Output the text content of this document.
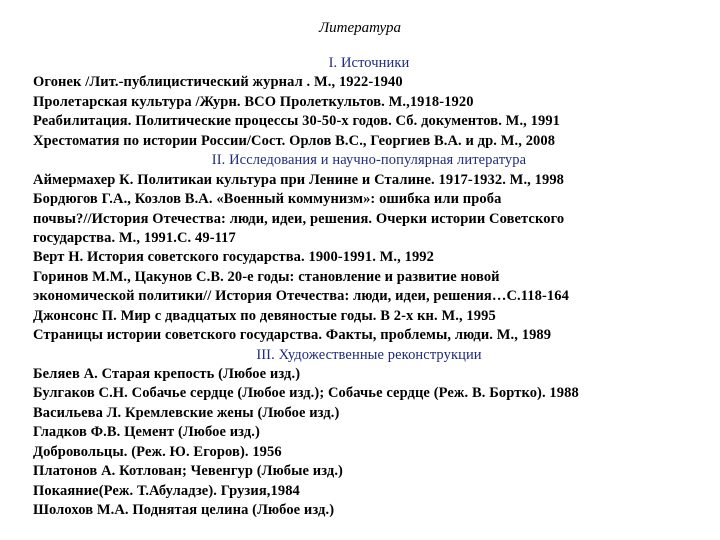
Литература
I. Источники
Огонек /Лит.-публицистический журнал . М., 1922-1940
Пролетарская культура /Журн. ВСО Пролеткультов. М.,1918-1920
Реабилитация. Политические процессы 30-50-х годов. Сб. документов. М., 1991
Хрестоматия по истории России/Сост. Орлов В.С., Георгиев В.А. и др. М., 2008
II. Исследования и научно-популярная литература
Аймермахер К. Политикаи культура при Ленине и Сталине. 1917-1932. М., 1998
Бордюгов Г.А., Козлов В.А. «Военный коммунизм»: ошибка или проба
почвы?//История Отечества: люди, идеи, решения. Очерки истории Советского
государства. М., 1991.С. 49-117
Верт Н. История советского государства. 1900-1991. М., 1992
Горинов М.М., Цакунов С.В. 20-е годы: становление и развитие новой
экономической политики// История Отечества: люди, идеи, решения…С.118-164
Джонсонс П. Мир с двадцатых по девяностые годы. В 2-х кн. М., 1995
Страницы истории советского государства. Факты, проблемы, люди. М., 1989
III. Художественные реконструкции
Беляев А. Старая крепость (Любое изд.)
Булгаков С.Н. Собачье сердце (Любое изд.); Собачье сердце (Реж. В. Бортко). 1988
Васильева Л. Кремлевские жены (Любое изд.)
Гладков Ф.В. Цемент (Любое изд.)
Добровольцы. (Реж. Ю. Егоров). 1956
Платонов А. Котлован; Чевенгур (Любые изд.)
Покаяние(Реж. Т.Абуладзе). Грузия,1984
Шолохов М.А. Поднятая целина (Любое изд.)
